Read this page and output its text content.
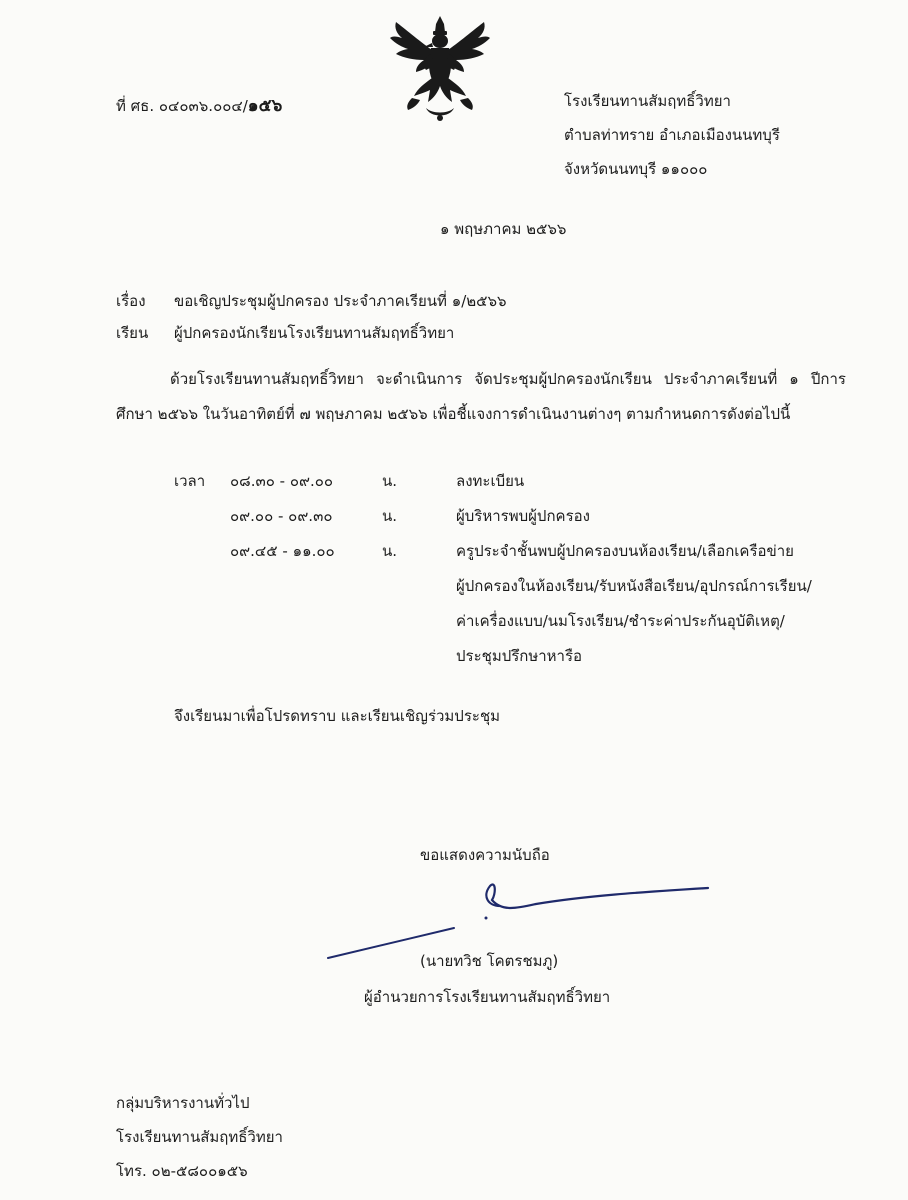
ที่ ศธ. ๐๔๐๓๖.๐๐๔/๑๕๖	โรงเรียนทานสัมฤทธิ์วิทยา
ตำบลท่าทราย อำเภอเมืองนนทบุรี
จังหวัดนนทบุรี ๑๑๐๐๐
๑ พฤษภาคม ๒๕๖๖
เรื่อง ขอเชิญประชุมผู้ปกครอง ประจำภาคเรียนที่ ๑/๒๕๖๖
เรียน ผู้ปกครองนักเรียนโรงเรียนทานสัมฤทธิ์วิทยา
ด้วยโรงเรียนทานสัมฤทธิ์วิทยา จะดำเนินการ จัดประชุมผู้ปกครองนักเรียน ประจำภาคเรียนที่ ๑ ปีการศึกษา ๒๕๖๖ ในวันอาทิตย์ที่ ๗ พฤษภาคม ๒๕๖๖ เพื่อชี้แจงการดำเนินงานต่างๆ ตามกำหนดการดังต่อไปนี้
เวลา ๐๘.๓๐ - ๐๙.๐๐	น.	ลงทะเบียน
๐๙.๐๐ - ๐๙.๓๐	น.	ผู้บริหารพบผู้ปกครอง
๐๙.๔๕ - ๑๑.๐๐	น.	ครูประจำชั้นพบผู้ปกครองบนห้องเรียน/เลือกเครือข่าย
ผู้ปกครองในห้องเรียน/รับหนังสือเรียน/อุปกรณ์การเรียน/
ค่าเครื่องแบบ/นมโรงเรียน/ชำระค่าประกันอุบัติเหตุ/
ประชุมปรึกษาหารือ
จึงเรียนมาเพื่อโปรดทราบ และเรียนเชิญร่วมประชุม
ขอแสดงความนับถือ
(นายทวิช โคตรชมภู)
ผู้อำนวยการโรงเรียนทานสัมฤทธิ์วิทยา
กลุ่มบริหารงานทั่วไป
โรงเรียนทานสัมฤทธิ์วิทยา
โทร. ๐๒-๕๘๐๐๑๕๖
